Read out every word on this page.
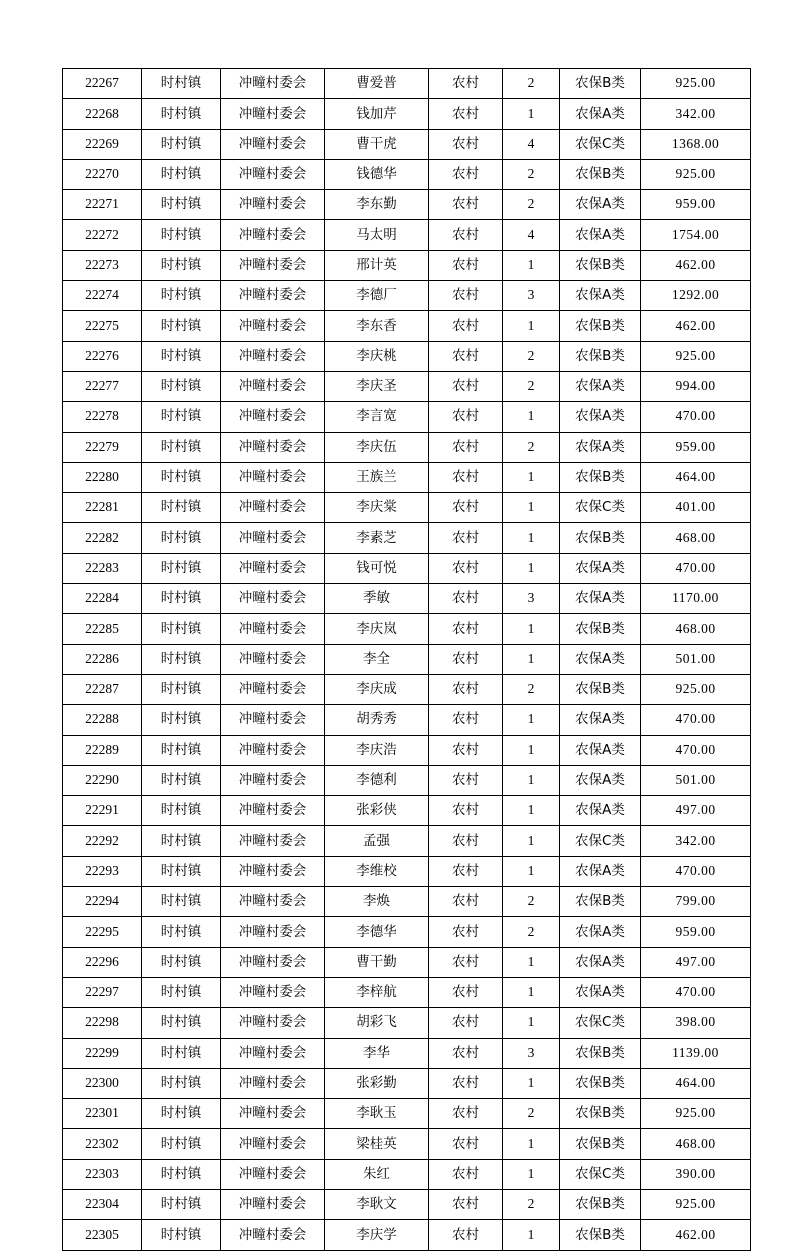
22267	时村镇	冲疃村委会	曹爱普	农村	2	农保B类	925.00
22268	时村镇	冲疃村委会	钱加芹	农村	1	农保A类	342.00
22269	时村镇	冲疃村委会	曹干虎	农村	4	农保C类	1368.00
22270	时村镇	冲疃村委会	钱德华	农村	2	农保B类	925.00
22271	时村镇	冲疃村委会	李东勤	农村	2	农保A类	959.00
22272	时村镇	冲疃村委会	马太明	农村	4	农保A类	1754.00
22273	时村镇	冲疃村委会	邢计英	农村	1	农保B类	462.00
22274	时村镇	冲疃村委会	李德厂	农村	3	农保A类	1292.00
22275	时村镇	冲疃村委会	李东香	农村	1	农保B类	462.00
22276	时村镇	冲疃村委会	李庆桃	农村	2	农保B类	925.00
22277	时村镇	冲疃村委会	李庆圣	农村	2	农保A类	994.00
22278	时村镇	冲疃村委会	李言宽	农村	1	农保A类	470.00
22279	时村镇	冲疃村委会	李庆伍	农村	2	农保A类	959.00
22280	时村镇	冲疃村委会	王族兰	农村	1	农保B类	464.00
22281	时村镇	冲疃村委会	李庆棠	农村	1	农保C类	401.00
22282	时村镇	冲疃村委会	李素芝	农村	1	农保B类	468.00
22283	时村镇	冲疃村委会	钱可悦	农村	1	农保A类	470.00
22284	时村镇	冲疃村委会	季敏	农村	3	农保A类	1170.00
22285	时村镇	冲疃村委会	李庆岚	农村	1	农保B类	468.00
22286	时村镇	冲疃村委会	李全	农村	1	农保A类	501.00
22287	时村镇	冲疃村委会	李庆成	农村	2	农保B类	925.00
22288	时村镇	冲疃村委会	胡秀秀	农村	1	农保A类	470.00
22289	时村镇	冲疃村委会	李庆浩	农村	1	农保A类	470.00
22290	时村镇	冲疃村委会	李德利	农村	1	农保A类	501.00
22291	时村镇	冲疃村委会	张彩侠	农村	1	农保A类	497.00
22292	时村镇	冲疃村委会	孟强	农村	1	农保C类	342.00
22293	时村镇	冲疃村委会	李维校	农村	1	农保A类	470.00
22294	时村镇	冲疃村委会	李焕	农村	2	农保B类	799.00
22295	时村镇	冲疃村委会	李德华	农村	2	农保A类	959.00
22296	时村镇	冲疃村委会	曹干勤	农村	1	农保A类	497.00
22297	时村镇	冲疃村委会	李梓航	农村	1	农保A类	470.00
22298	时村镇	冲疃村委会	胡彩飞	农村	1	农保C类	398.00
22299	时村镇	冲疃村委会	李华	农村	3	农保B类	1139.00
22300	时村镇	冲疃村委会	张彩勤	农村	1	农保B类	464.00
22301	时村镇	冲疃村委会	李耿玉	农村	2	农保B类	925.00
22302	时村镇	冲疃村委会	梁桂英	农村	1	农保B类	468.00
22303	时村镇	冲疃村委会	朱红	农村	1	农保C类	390.00
22304	时村镇	冲疃村委会	李耿文	农村	2	农保B类	925.00
22305	时村镇	冲疃村委会	李庆学	农村	1	农保B类	462.00
